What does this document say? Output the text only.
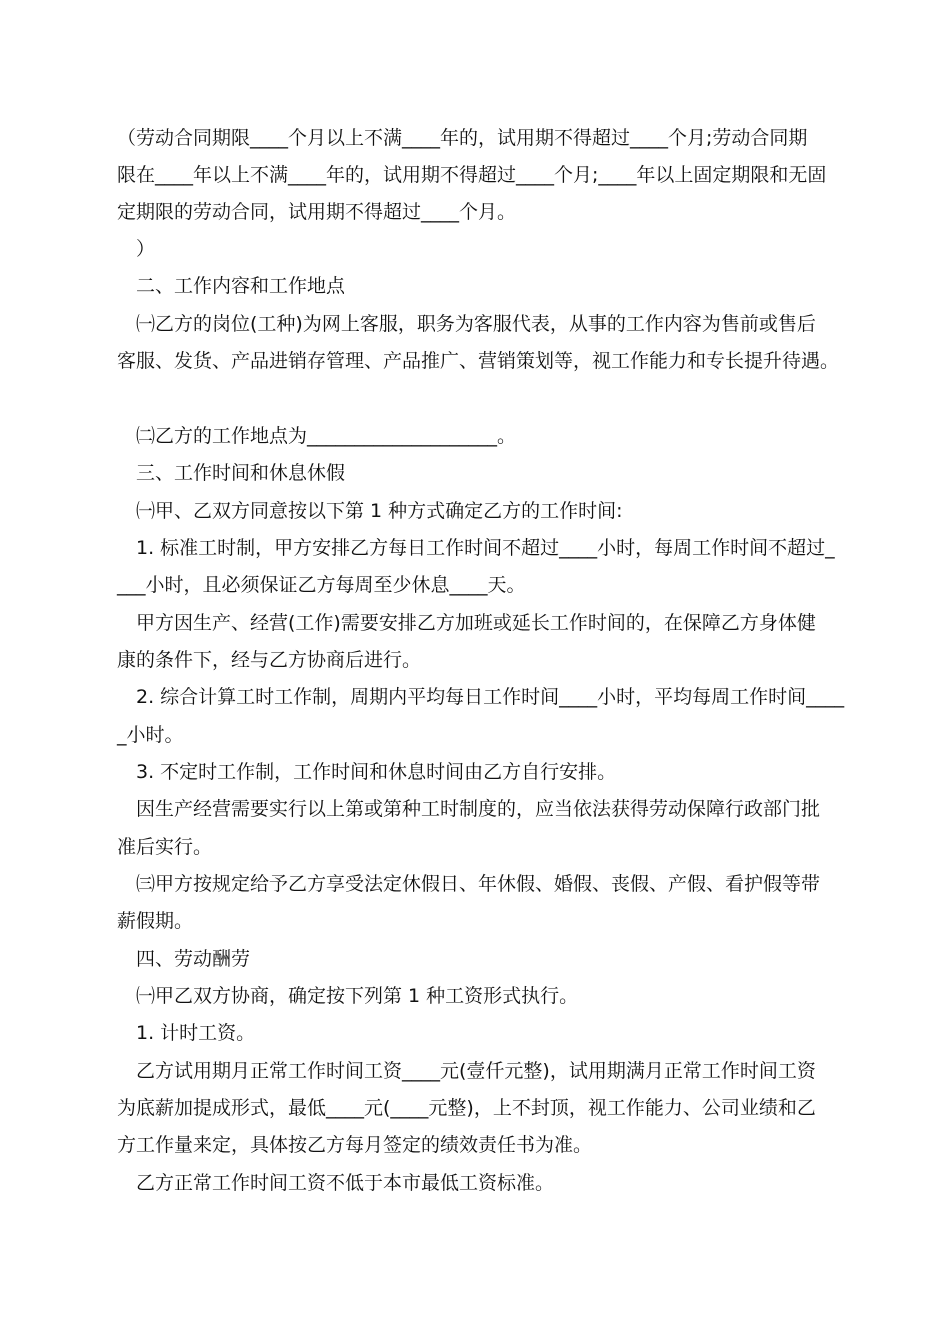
（劳动合同期限____个月以上不满____年的，试用期不得超过____个月;劳动合同期
限在____年以上不满____年的，试用期不得超过____个月;____年以上固定期限和无固
定期限的劳动合同，试用期不得超过____个月。
）
二、工作内容和工作地点
㈠乙方的岗位(工种)为网上客服，职务为客服代表，从事的工作内容为售前或售后
客服、发货、产品进销存管理、产品推广、营销策划等，视工作能力和专长提升待遇。
㈡乙方的工作地点为____________________。
三、工作时间和休息休假
㈠甲、乙双方同意按以下第 1 种方式确定乙方的工作时间:
1. 标准工时制，甲方安排乙方每日工作时间不超过____小时，每周工作时间不超过_
___小时，且必须保证乙方每周至少休息____天。
甲方因生产、经营(工作)需要安排乙方加班或延长工作时间的，在保障乙方身体健
康的条件下，经与乙方协商后进行。
2. 综合计算工时工作制，周期内平均每日工作时间____小时，平均每周工作时间____
_小时。
3. 不定时工作制，工作时间和休息时间由乙方自行安排。
因生产经营需要实行以上第或第种工时制度的，应当依法获得劳动保障行政部门批
准后实行。
㈢甲方按规定给予乙方享受法定休假日、年休假、婚假、丧假、产假、看护假等带
薪假期。
四、劳动酬劳
㈠甲乙双方协商，确定按下列第 1 种工资形式执行。
1. 计时工资。
乙方试用期月正常工作时间工资____元(壹仟元整)，试用期满月正常工作时间工资
为底薪加提成形式，最低____元(____元整)，上不封顶，视工作能力、公司业绩和乙
方工作量来定，具体按乙方每月签定的绩效责任书为准。
乙方正常工作时间工资不低于本市最低工资标准。
